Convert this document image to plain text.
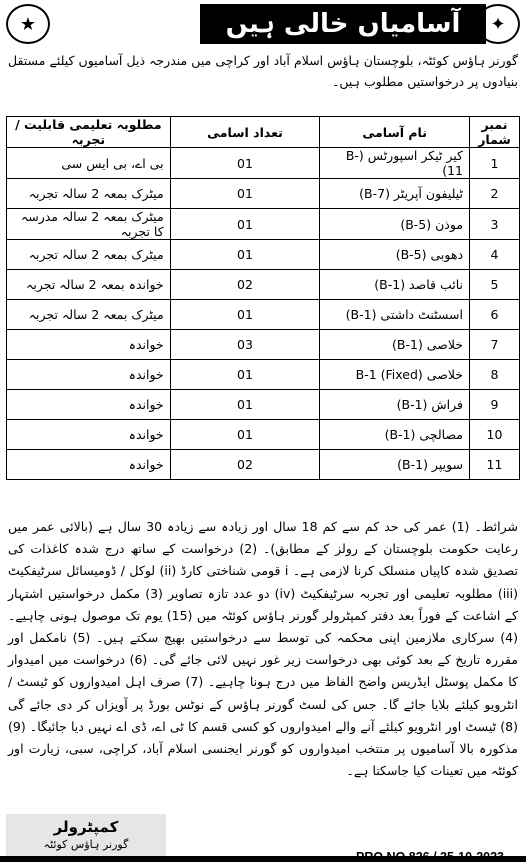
★	آسامیاں خالی ہیں	✦
گورنر ہاؤس کوئٹہ، بلوچستان ہاؤس اسلام آباد اور کراچی میں مندرجہ ذیل آسامیوں کیلئے مستقل بنیادوں پر درخواستیں مطلوب ہیں۔
نمبر شمار	نام آسامی	تعداد اسامی	مطلوبہ تعلیمی قابلیت / تجربہ
1	کیر ٹیکر اسپورٹس (B-11)	01	بی اے، بی ایس سی
2	ٹیلیفون آپریٹر (B-7)	01	میٹرک بمعہ 2 سالہ تجربہ
3	موذن (B-5)	01	میٹرک بمعہ 2 سالہ مدرسہ کا تجربہ
4	دھوبی (B-5)	01	میٹرک بمعہ 2 سالہ تجربہ
5	نائب قاصد (B-1)	02	خواندہ بمعہ 2 سالہ تجربہ
6	اسسٹنٹ داشتی (B-1)	01	میٹرک بمعہ 2 سالہ تجربہ
7	خلاصی (B-1)	03	خواندہ
8	خلاصی B-1 (Fixed)	01	خواندہ
9	فراش (B-1)	01	خواندہ
10	مصالچی (B-1)	01	خواندہ
11	سویپر (B-1)	02	خواندہ
شرائط۔ (1) عمر کی حد کم سے کم 18 سال اور زیادہ سے زیادہ 30 سال ہے (بالائی عمر میں رعایت حکومت بلوچستان کے رولز کے مطابق)۔ (2) درخواست کے ساتھ درج شدہ کاغذات کی تصدیق شدہ کاپیاں منسلک کرنا لازمی ہے۔ i قومی شناختی کارڈ (ii) لوکل / ڈومیسائل سرٹیفکیٹ (iii) مطلوبہ تعلیمی اور تجربہ سرٹیفکیٹ (iv) دو عدد تازہ تصاویر (3) مکمل درخواستیں اشتہار کے اشاعت کے فوراً بعد دفتر کمپٹرولر گورنر ہاؤس کوئٹہ میں (15) یوم تک موصول ہونی چاہیے۔ (4) سرکاری ملازمین اپنی محکمہ کی توسط سے درخواستیں بھیج سکتے ہیں۔ (5) نامکمل اور مقررہ تاریخ کے بعد کوئی بھی درخواست زیر غور نہیں لائی جائے گی۔ (6) درخواست میں امیدوار کا مکمل پوسٹل ایڈریس واضح الفاظ میں درج ہونا چاہیے۔ (7) صرف اہل امیدواروں کو ٹیسٹ / انٹرویو کیلئے بلایا جائے گا۔ جس کی لسٹ گورنر ہاؤس کے نوٹس بورڈ پر آویزاں کر دی جائے گی (8) ٹیسٹ اور انٹرویو کیلئے آنے والے امیدواروں کو کسی قسم کا ٹی اے، ڈی اے نہیں دیا جائیگا۔ (9) مذکورہ بالا آسامیوں پر منتخب امیدواروں کو گورنر ایجنسی اسلام آباد، کراچی، سبی، زیارت اور کوئٹہ میں تعینات کیا جاسکتا ہے۔
کمپٹرولر
گورنر ہاؤس کوئٹہ
